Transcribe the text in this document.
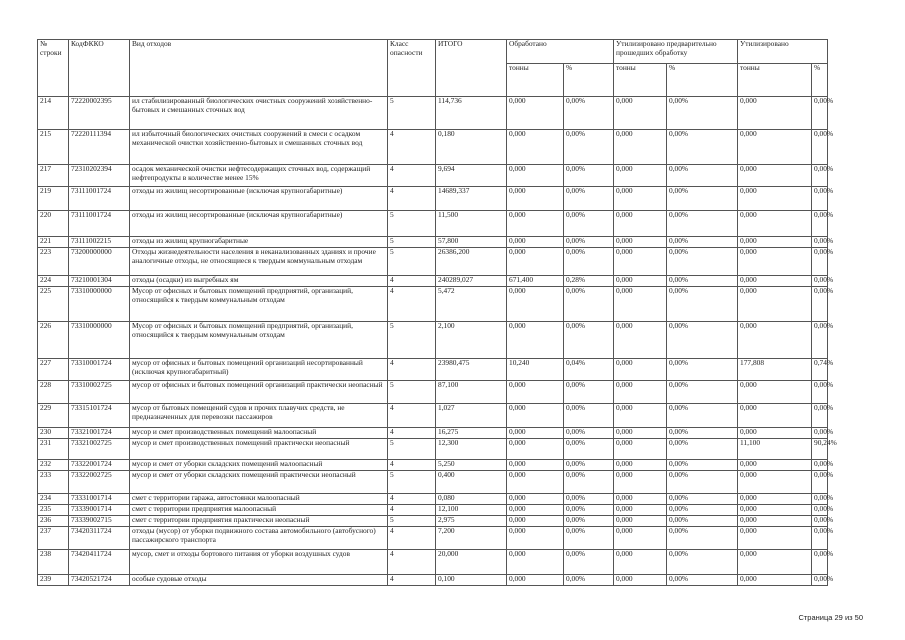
№ строки	КодФККО	Вид отходов	Класс опасности	ИТОГО	Обработано		Утилизировано предварительно прошедших обработку		Утилизировано	
					тонны	%	тонны	%	тонны	%
214	72220002395	ил стабилизированный биологических очистных сооружений хозяйственно-бытовых и смешанных сточных вод	5	114,736	0,000	0,00%	0,000	0,00%	0,000	0,00%
215	72220111394	ил избыточный биологических очистных сооружений в смеси с осадком механической очистки хозяйственно-бытовых и смешанных сточных вод	4	0,180	0,000	0,00%	0,000	0,00%	0,000	0,00%
217	72310202394	осадок механической очистки нефтесодержащих сточных вод, содержащий нефтепродукты в количестве менее 15%	4	9,694	0,000	0,00%	0,000	0,00%	0,000	0,00%
219	73111001724	отходы из жилищ несортированные (исключая крупногабаритные)	4	14689,337	0,000	0,00%	0,000	0,00%	0,000	0,00%
220	73111001724	отходы из жилищ несортированные (исключая крупногабаритные)	5	11,500	0,000	0,00%	0,000	0,00%	0,000	0,00%
221	73111002215	отходы из жилищ крупногабаритные	5	57,800	0,000	0,00%	0,000	0,00%	0,000	0,00%
223	73200000000	Отходы жизнедеятельности населения в неканализованных зданиях и прочие аналогичные отходы, не относящиеся к твердым коммунальным отходам	5	26386,200	0,000	0,00%	0,000	0,00%	0,000	0,00%
224	73210001304	отходы (осадки) из выгребных ям	4	240289,027	671,400	0,28%	0,000	0,00%	0,000	0,00%
225	73310000000	Мусор от офисных и бытовых помещений предприятий, организаций, относящийся к твердым коммунальным отходам	4	5,472	0,000	0,00%	0,000	0,00%	0,000	0,00%
226	73310000000	Мусор от офисных и бытовых помещений предприятий, организаций, относящийся к твердым коммунальным отходам	5	2,100	0,000	0,00%	0,000	0,00%	0,000	0,00%
227	73310001724	мусор от офисных и бытовых помещений организаций несортированный (исключая крупногабаритный)	4	23980,475	10,240	0,04%	0,000	0,00%	177,808	0,74%
228	73310002725	мусор от офисных и бытовых помещений организаций практически неопасный	5	87,100	0,000	0,00%	0,000	0,00%	0,000	0,00%
229	73315101724	мусор от бытовых помещений судов и прочих плавучих средств, не предназначенных для перевозки пассажиров	4	1,027	0,000	0,00%	0,000	0,00%	0,000	0,00%
230	73321001724	мусор и смет производственных помещений малоопасный	4	16,275	0,000	0,00%	0,000	0,00%	0,000	0,00%
231	73321002725	мусор и смет производственных помещений практически неопасный	5	12,300	0,000	0,00%	0,000	0,00%	11,100	90,24%
232	73322001724	мусор и смет от уборки складских помещений малоопасный	4	5,250	0,000	0,00%	0,000	0,00%	0,000	0,00%
233	73322002725	мусор и смет от уборки складских помещений практически неопасный	5	0,400	0,000	0,00%	0,000	0,00%	0,000	0,00%
234	73331001714	смет с территории гаража, автостоянки малоопасный	4	0,080	0,000	0,00%	0,000	0,00%	0,000	0,00%
235	73339001714	смет с территории предприятия малоопасный	4	12,100	0,000	0,00%	0,000	0,00%	0,000	0,00%
236	73339002715	смет с территории предприятия практически неопасный	5	2,975	0,000	0,00%	0,000	0,00%	0,000	0,00%
237	73420311724	отходы (мусор) от уборки подвижного состава автомобильного (автобусного) пассажирского транспорта	4	7,200	0,000	0,00%	0,000	0,00%	0,000	0,00%
238	73420411724	мусор, смет и отходы бортового питания от уборки воздушных судов	4	20,000	0,000	0,00%	0,000	0,00%	0,000	0,00%
239	73420521724	особые судовые отходы	4	0,100	0,000	0,00%	0,000	0,00%	0,000	0,00%
Страница 29 из 50
